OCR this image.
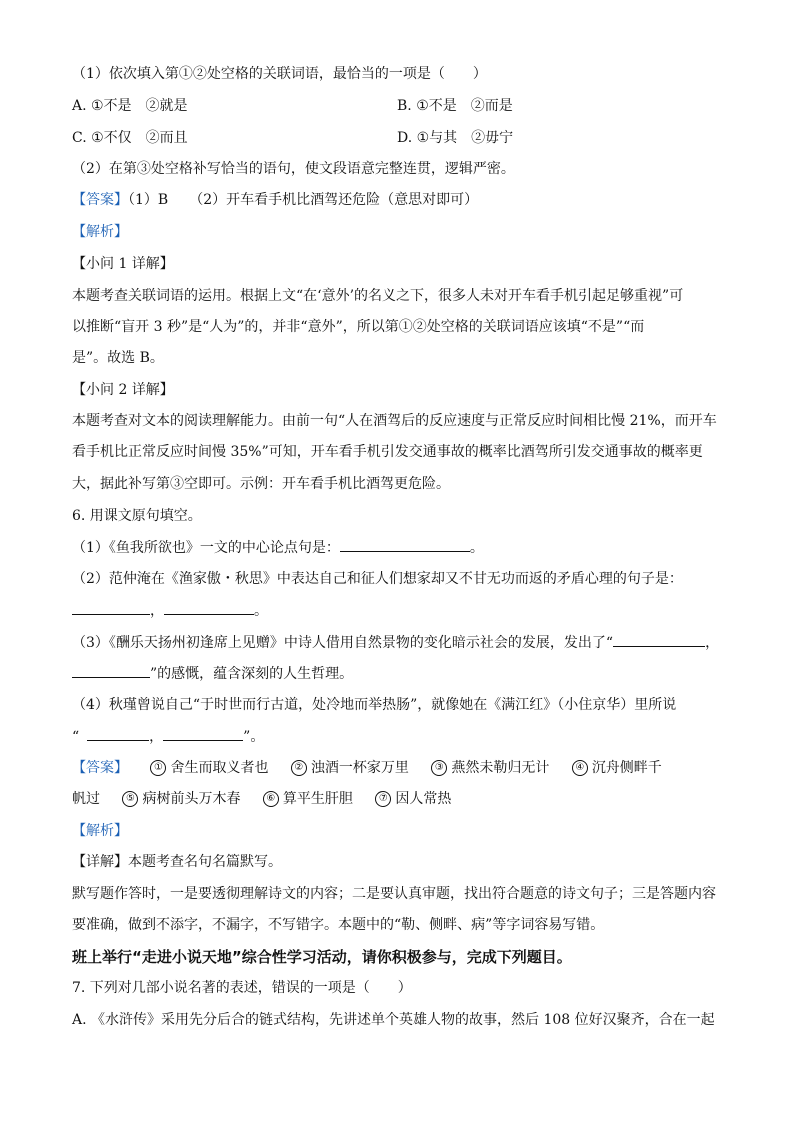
（1）依次填入第①②处空格的关联词语，最恰当的一项是（　　）
A. ①不是　②就是	B. ①不是　②而是
C. ①不仅　②而且	D. ①与其　②毋宁
（2）在第③处空格补写恰当的语句，使文段语意完整连贯，逻辑严密。
【答案】（1）B　　（2）开车看手机比酒驾还危险（意思对即可）
【解析】
【小问 1 详解】
本题考查关联词语的运用。根据上文“在‘意外’的名义之下，很多人未对开车看手机引起足够重视”可
以推断“盲开 3 秒”是“人为”的，并非“意外”，所以第①②处空格的关联词语应该填“不是”“而
是”。故选 B。
【小问 2 详解】
本题考查对文本的阅读理解能力。由前一句“人在酒驾后的反应速度与正常反应时间相比慢 21%，而开车
看手机比正常反应时间慢 35%”可知，开车看手机引发交通事故的概率比酒驾所引发交通事故的概率更
大，据此补写第③空即可。示例：开车看手机比酒驾更危险。
6. 用课文原句填空。
（1）《鱼我所欲也》一文的中心论点句是：	。
（2）范仲淹在《渔家傲・秋思》中表达自己和征人们想家却又不甘无功而返的矛盾心理的句子是：
，	。
（3）《酬乐天扬州初逢席上见赠》中诗人借用自然景物的变化暗示社会的发展，发出了“	，
”的感慨，蕴含深刻的人生哲理。
（4）秋瑾曾说自己“于时世而行古道，处冷地而举热肠”，就像她在《满江红》（小住京华）里所说
“	，	”。
【答案】	① 舍生而取义者也	② 浊酒一杯家万里	③ 燕然未勒归无计	④ 沉舟侧畔千
帆过	⑤ 病树前头万木春	⑥ 算平生肝胆	⑦ 因人常热
【解析】
【详解】本题考查名句名篇默写。
默写题作答时，一是要透彻理解诗文的内容；二是要认真审题，找出符合题意的诗文句子；三是答题内容
要准确，做到不添字，不漏字，不写错字。本题中的“勒、侧畔、病”等字词容易写错。
班上举行“走进小说天地”综合性学习活动，请你积极参与，完成下列题目。
7. 下列对几部小说名著的表述，错误的一项是（　　）
A. 《水浒传》采用先分后合的链式结构，先讲述单个英雄人物的故事，然后 108 位好汉聚齐，合在一起
